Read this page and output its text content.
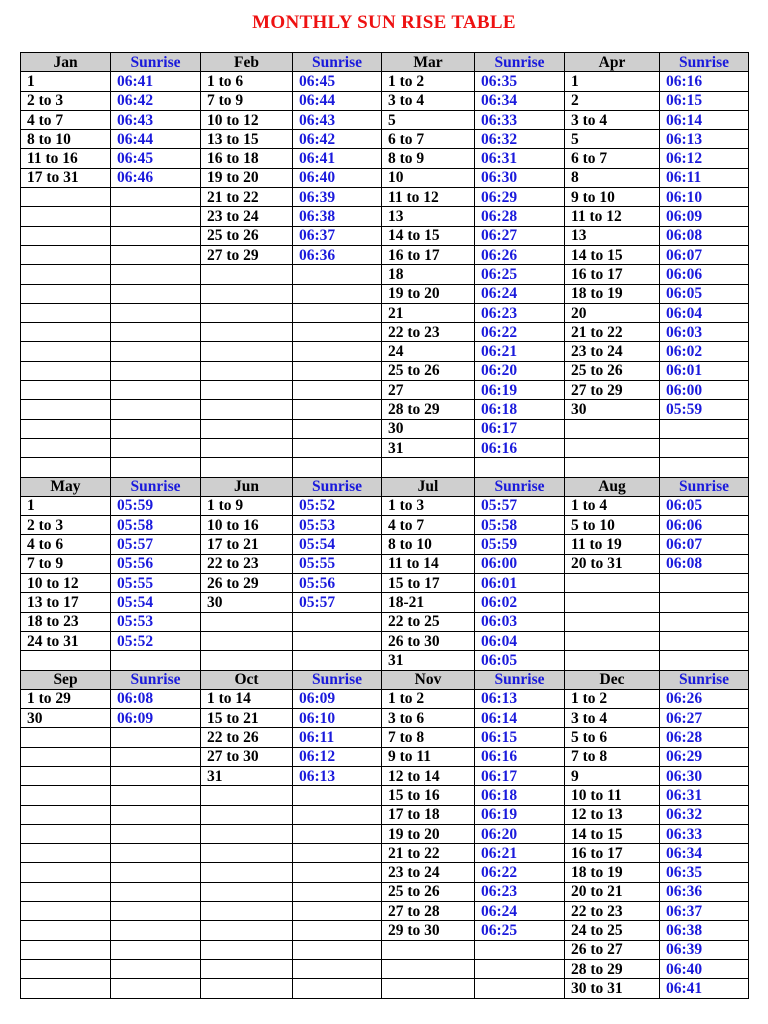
MONTHLY SUN RISE TABLE
Jan	Sunrise	Feb	Sunrise	Mar	Sunrise	Apr	Sunrise
1	06:41	1 to 6	06:45	1 to 2	06:35	1	06:16
2 to 3	06:42	7 to 9	06:44	3 to 4	06:34	2	06:15
4 to 7	06:43	10 to 12	06:43	5	06:33	3 to 4	06:14
8 to 10	06:44	13 to 15	06:42	6 to 7	06:32	5	06:13
11 to 16	06:45	16 to 18	06:41	8 to 9	06:31	6 to 7	06:12
17 to 31	06:46	19 to 20	06:40	10	06:30	8	06:11
		21 to 22	06:39	11 to 12	06:29	9 to 10	06:10
		23 to 24	06:38	13	06:28	11 to 12	06:09
		25 to 26	06:37	14 to 15	06:27	13	06:08
		27 to 29	06:36	16 to 17	06:26	14 to 15	06:07
				18	06:25	16 to 17	06:06
				19 to 20	06:24	18 to 19	06:05
				21	06:23	20	06:04
				22 to 23	06:22	21 to 22	06:03
				24	06:21	23 to 24	06:02
				25 to 26	06:20	25 to 26	06:01
				27	06:19	27 to 29	06:00
				28 to 29	06:18	30	05:59
				30	06:17		
				31	06:16		

May	Sunrise	Jun	Sunrise	Jul	Sunrise	Aug	Sunrise
1	05:59	1 to 9	05:52	1 to 3	05:57	1 to 4	06:05
2 to 3	05:58	10 to 16	05:53	4 to 7	05:58	5 to 10	06:06
4 to 6	05:57	17 to 21	05:54	8 to 10	05:59	11 to 19	06:07
7 to 9	05:56	22 to 23	05:55	11 to 14	06:00	20 to 31	06:08
10 to 12	05:55	26 to 29	05:56	15 to 17	06:01		
13 to 17	05:54	30	05:57	18-21	06:02		
18 to 23	05:53			22 to 25	06:03		
24 to 31	05:52			26 to 30	06:04		
				31	06:05		
Sep	Sunrise	Oct	Sunrise	Nov	Sunrise	Dec	Sunrise
1 to 29	06:08	1 to 14	06:09	1 to 2	06:13	1 to 2	06:26
30	06:09	15 to 21	06:10	3 to 6	06:14	3 to 4	06:27
		22 to 26	06:11	7 to 8	06:15	5 to 6	06:28
		27 to 30	06:12	9 to 11	06:16	7 to 8	06:29
		31	06:13	12 to 14	06:17	9	06:30
				15 to 16	06:18	10 to 11	06:31
				17 to 18	06:19	12 to 13	06:32
				19 to 20	06:20	14 to 15	06:33
				21 to 22	06:21	16 to 17	06:34
				23 to 24	06:22	18 to 19	06:35
				25 to 26	06:23	20 to 21	06:36
				27 to 28	06:24	22 to 23	06:37
				29 to 30	06:25	24 to 25	06:38
						26 to 27	06:39
						28 to 29	06:40
						30 to 31	06:41
